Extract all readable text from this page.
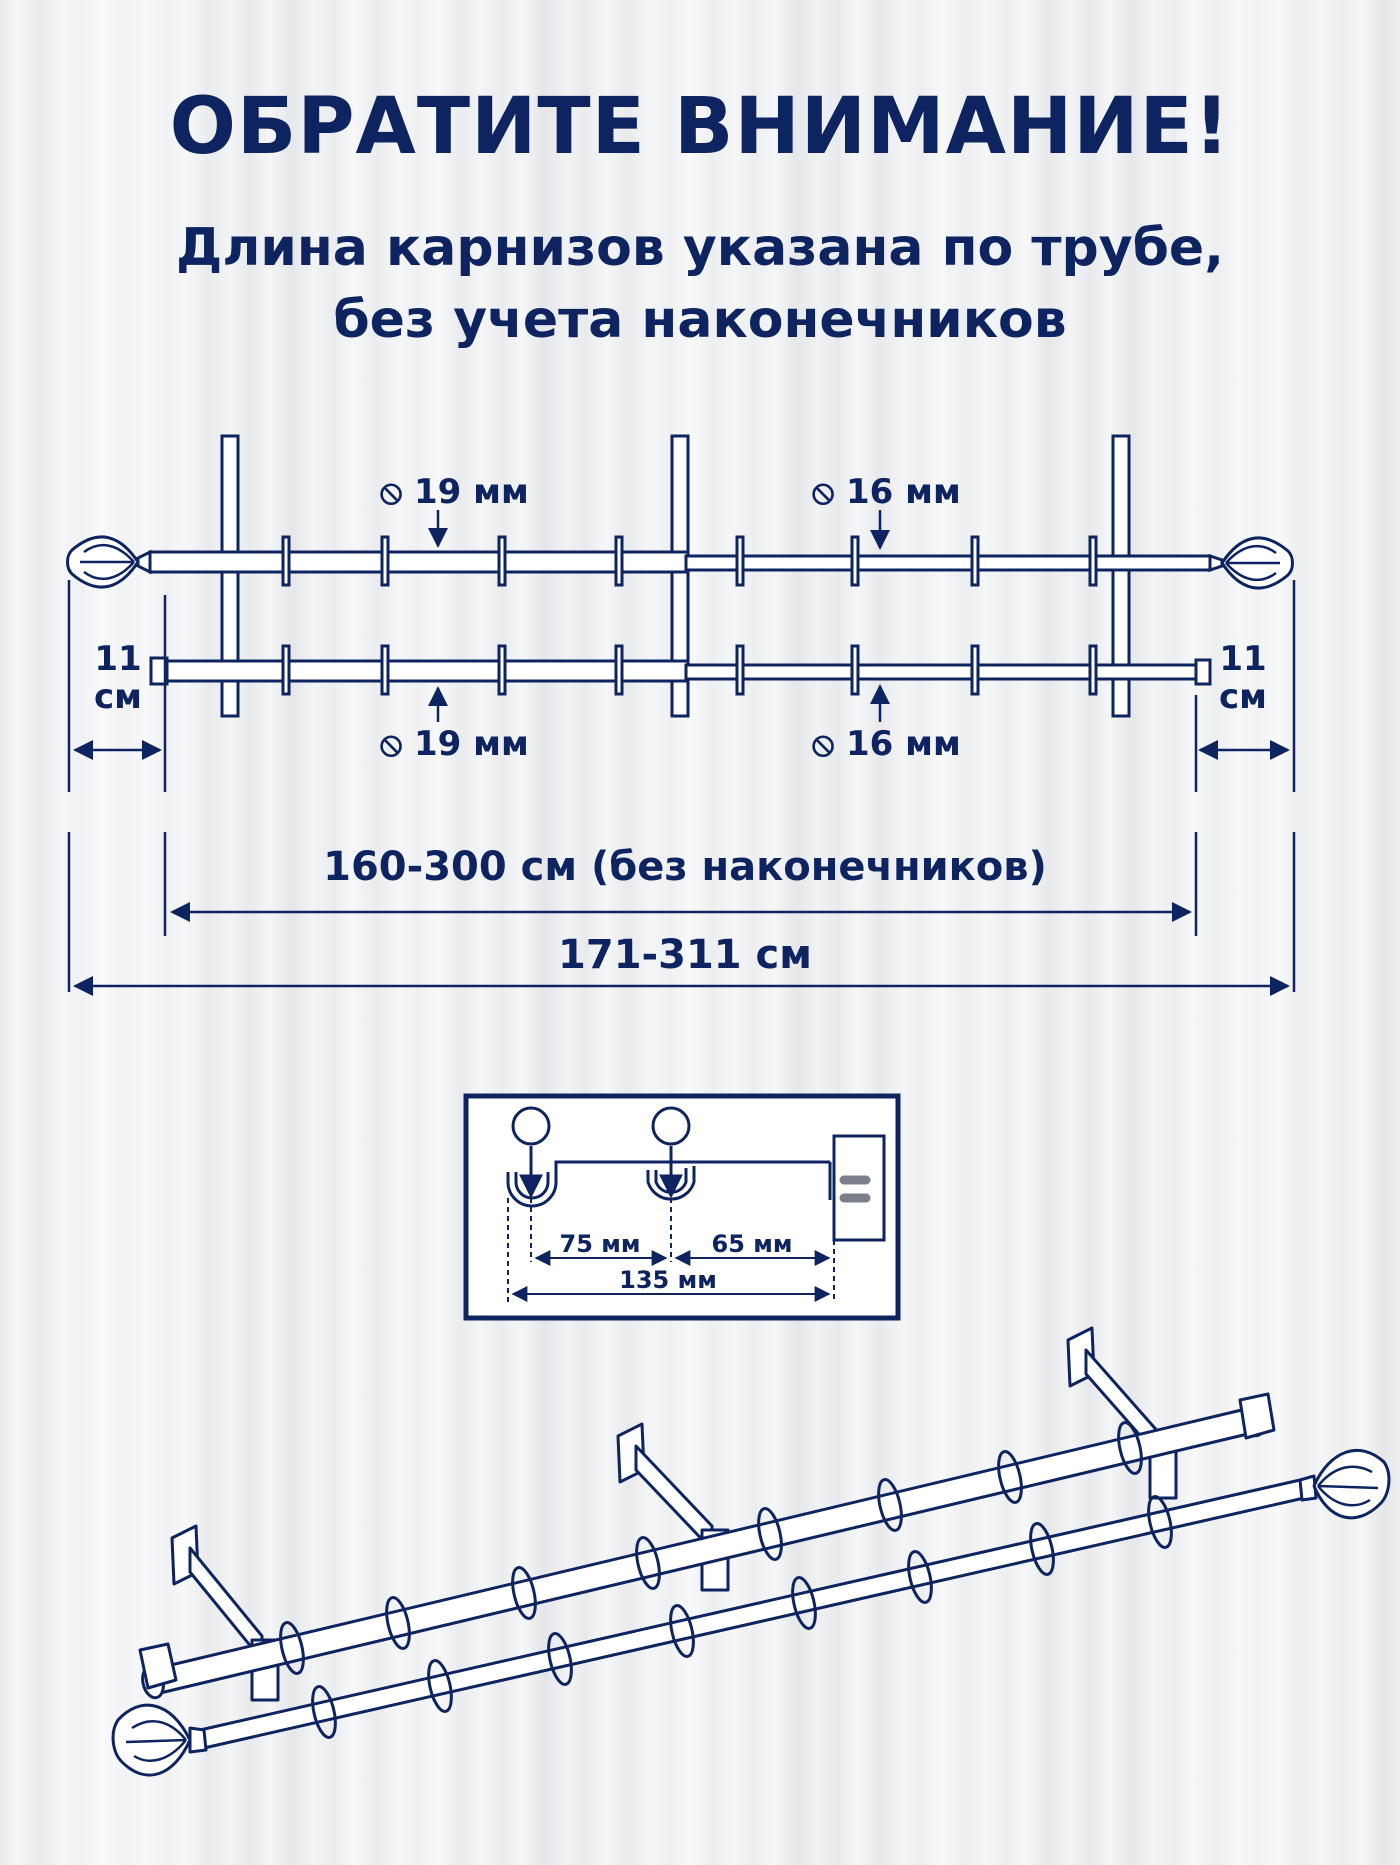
ОБРАТИТЕ ВНИМАНИЕ!
Длина карнизов указана по трубе,
без учета наконечников
⦸ 19 мм	⦸ 16 мм
⦸ 19 мм	⦸ 16 мм
11
см
11
см
160-300 см (без наконечников)
171-311 см
75 мм	65 мм
135 мм
